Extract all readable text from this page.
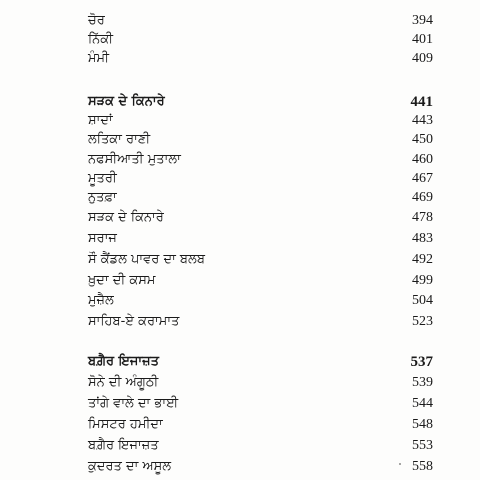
ਚੋਰ	394
ਨਿੱਕੀ	401
ਮੰਮੀ	409
ਸੜਕ ਦੇ ਕਿਨਾਰੇ	441
ਸ਼ਾਦਾਂ	443
ਲਤਿਕਾ ਰਾਣੀ	450
ਨਫਸੀਆਤੀ ਮੁਤਾਲਾ	460
ਮੂਤਰੀ	467
ਨੁਤਫ਼ਾ	469
ਸੜਕ ਦੇ ਕਿਨਾਰੇ	478
ਸਰਾਜ	483
ਸੌ ਕੈਂਡਲ ਪਾਵਰ ਦਾ ਬਲਬ	492
ਖ਼ੁਦਾ ਦੀ ਕਸਮ	499
ਮੁਜ਼ੈਲ	504
ਸਾਹਿਬ-ਏ ਕਰਾਮਾਤ	523
ਬਗ਼ੈਰ ਇਜਾਜ਼ਤ	537
ਸੋਨੇ ਦੀ ਅੰਗੂਠੀ	539
ਤਾਂਗੇ ਵਾਲੇ ਦਾ ਭਾਈ	544
ਮਿਸਟਰ ਹਮੀਦਾ	548
ਬਗ਼ੈਰ ਇਜਾਜ਼ਤ	553
ਕੁਦਰਤ ਦਾ ਅਸੂਲ	558
